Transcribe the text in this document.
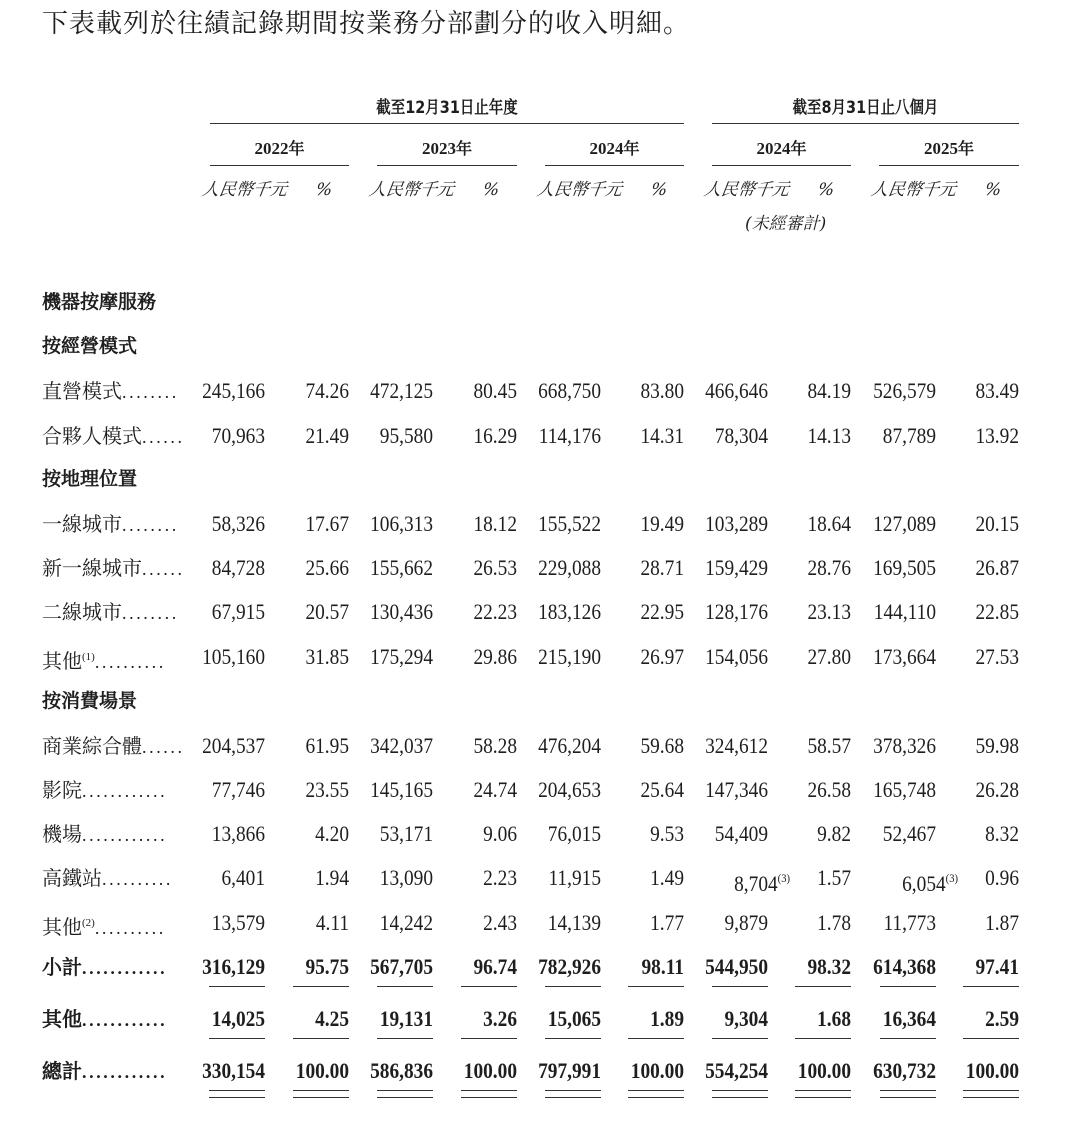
下表載列於往績記錄期間按業務分部劃分的收入明細。
截至12月31日止年度	截至8月31日止八個月
2022年	2023年	2024年	2024年	2025年
人民幣千元 % 人民幣千元 % 人民幣千元 % 人民幣千元 %
(未經審計)
人民幣千元 %
機器按摩服務
按經營模式
按地理位置
按消費場景
直營模式........	245,166	74.26 472,125	80.45 668,750	83.80 466,646	84.19	526,579	83.49
合夥人模式......	70,963	21.49	95,580	16.29 114,176	14.31	78,304	14.13	87,789	13.92
一線城市........	58,326	17.67 106,313	18.12 155,522	19.49 103,289	18.64	127,089	20.15
新一線城市......	84,728	25.66 155,662	26.53 229,088	28.71 159,429	28.76	169,505	26.87
二線城市........	67,915	20.57 130,436	22.23 183,126	22.95 128,176	23.13	144,110	22.85
其他$^{(1)}$..........	105,160	31.85 175,294	29.86 215,190	26.97 154,056	27.80	173,664	27.53
商業綜合體...... 204,537	61.95 342,037	58.28 476,204	59.68 324,612	58.57	378,326	59.98
影院............	77,746	23.55 145,165	24.74 204,653	25.64 147,346	26.58	165,748	26.28
機場............	13,866	4.20	53,171	9.06	76,015	9.53	54,409	9.82	52,467	8.32
高鐵站..........	6,401	1.94	13,090	2.23	11,915	1.49	8,704$^{(3)}$	1.57	6,054$^{(3)}$	0.96
其他$^{(2)}$..........	13,579	4.11	14,242	2.43	14,139	1.77	9,879	1.78	11,773	1.87
小計............	316,129	95.75 567,705	96.74 782,926	98.11 544,950	98.32	614,368	97.41
其他............	14,025	4.25	19,131	3.26	15,065	1.89	9,304	1.68	16,364	2.59
總計............	330,154	100.00 586,836	100.00 797,991	100.00 554,254	100.00	630,732	100.00
